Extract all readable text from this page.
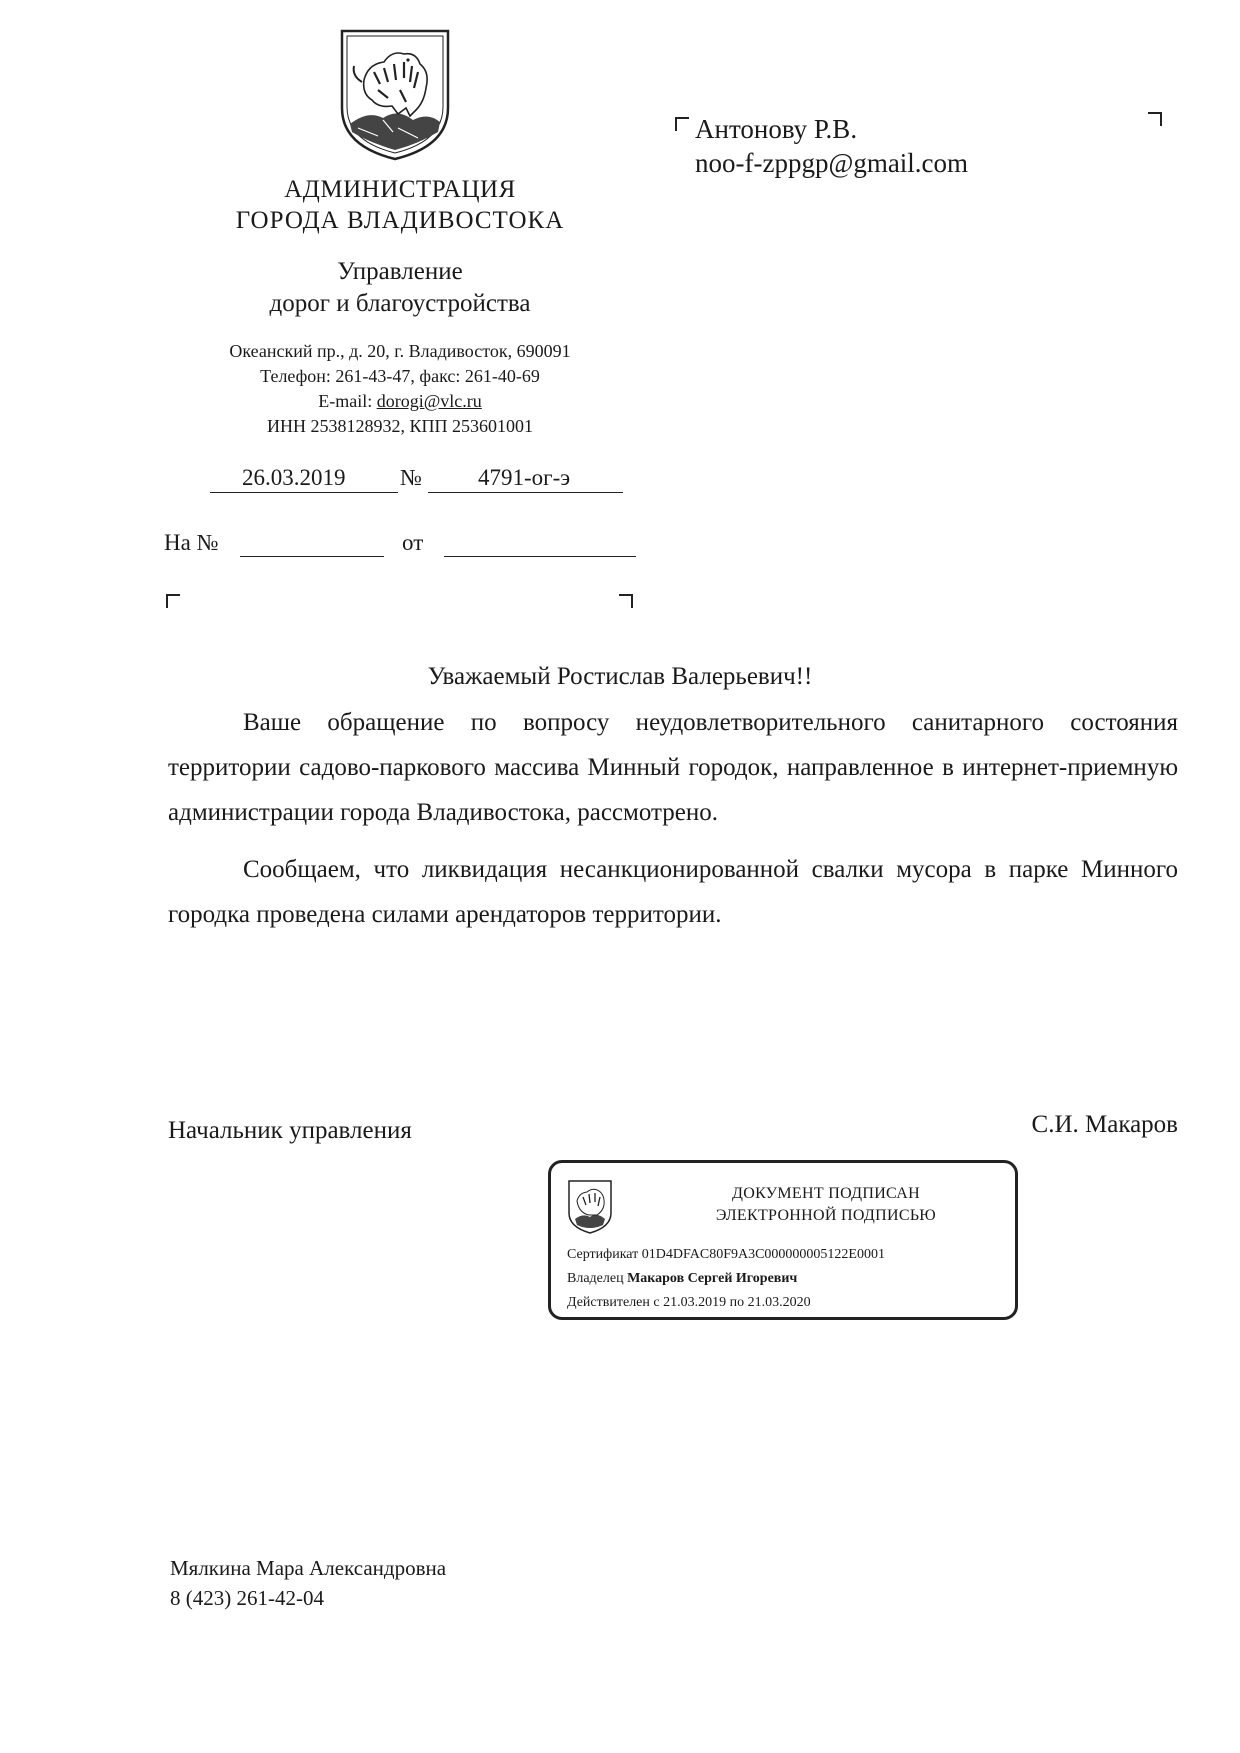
АДМИНИСТРАЦИЯ
ГОРОДА ВЛАДИВОСТОКА
Управление
дорог и благоустройства
Океанский пр., д. 20, г. Владивосток, 690091
Телефон: 261-43-47, факс: 261-40-69
E-mail: dorogi@vlc.ru
ИНН 2538128932, КПП 253601001
26.03.2019 № 4791-ог-э
На №	от
Антонову Р.В.
noo-f-zppgp@gmail.com
Уважаемый Ростислав Валерьевич!!

Ваше обращение по вопросу неудовлетворительного санитарного состояния территории садово-паркового массива Минный городок, направленное в интернет-приемную администрации города Владивостока, рассмотрено.

Сообщаем, что ликвидация несанкционированной свалки мусора в парке Минного городка проведена силами арендаторов территории.

Начальник управления	С.И. Макаров
ДОКУМЕНТ ПОДПИСАН
ЭЛЕКТРОННОЙ ПОДПИСЬЮ
Сертификат 01D4DFAC80F9A3C000000005122E0001
Владелец Макаров Сергей Игоревич
Действителен с 21.03.2019 по 21.03.2020
Мялкина Мара Александровна
8 (423) 261-42-04
